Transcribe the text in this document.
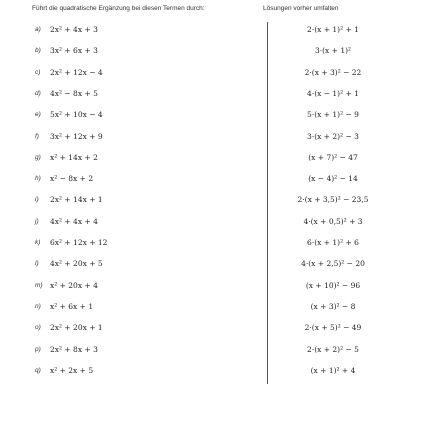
Führt die quadratische Ergänzung bei diesen Termen durch:	Lösungen vorher umfalten
a) 2x² + 4x + 3	2·(x + 1)² + 1
b) 3x² + 6x + 3	3·(x + 1)²
c) 2x² + 12x − 4	2·(x + 3)² − 22
d) 4x² − 8x + 5	4·(x − 1)² + 1
e) 5x² + 10x − 4	5·(x + 1)² − 9
f) 3x² + 12x + 9	3·(x + 2)² − 3
g) x² + 14x + 2	(x + 7)² − 47
h) x² − 8x + 2	(x − 4)² − 14
i) 2x² + 14x + 1	2·(x + 3,5)² − 23,5
j) 4x² + 4x + 4	4·(x + 0,5)² + 3
k) 6x² + 12x + 12	6·(x + 1)² + 6
l) 4x² + 20x + 5	4·(x + 2,5)² − 20
m) x² + 20x + 4	(x + 10)² − 96
n) x² + 6x + 1	(x + 3)² − 8
o) 2x² + 20x + 1	2·(x + 5)² − 49
p) 2x² + 8x + 3	2·(x + 2)² − 5
q) x² + 2x + 5	(x + 1)² + 4
